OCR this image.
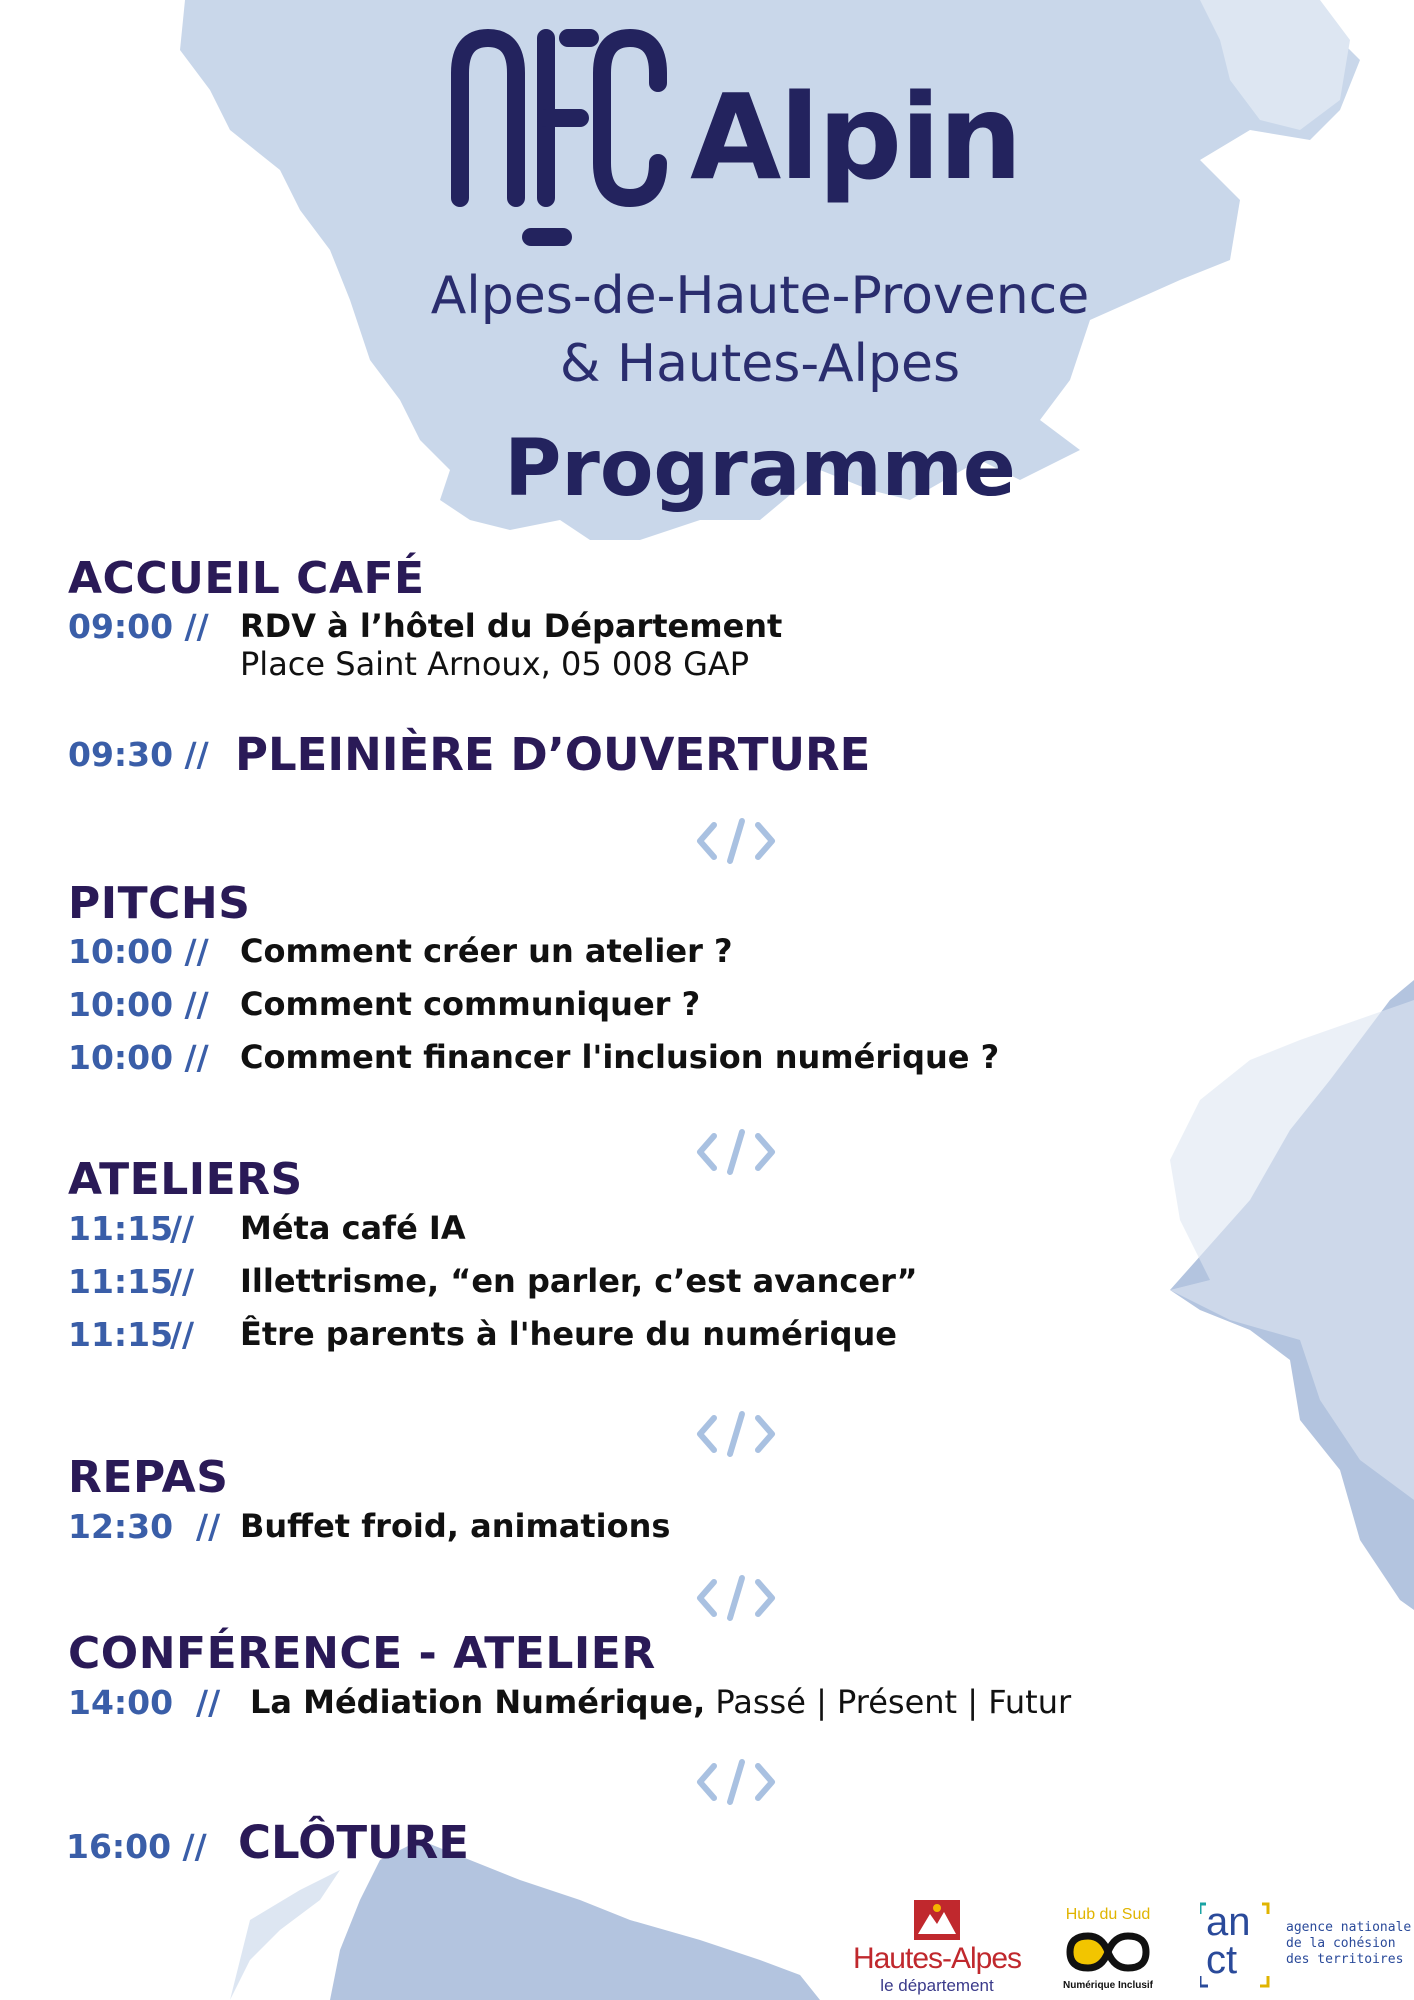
Alpin
Alpes-de-Haute-Provence
& Hautes-Alpes
Programme
ACCUEIL CAFÉ
09:00 // RDV à l’hôtel du Département
Place Saint Arnoux, 05 008 GAP
09:30 // PLEINIÈRE D’OUVERTURE
PITCHS
10:00 // Comment créer un atelier ?
10:00 // Comment communiquer ?
10:00 // Comment financer l'inclusion numérique ?
ATELIERS
11:15
// Méta café IA
11:15
// Illettrisme, “en parler, c’est avancer”
11:15
// Être parents à l'heure du numérique
REPAS
12:30  // Buffet froid, animations
CONFÉRENCE - ATELIER
14:00  // La Médiation Numérique, Passé | Présent | Futur
16:00 // CLÔTURE
Hautes-Alpes
le département
Hub du Sud
Numérique Inclusif
an
ct
agence nationale
de la cohésion
des territoires
